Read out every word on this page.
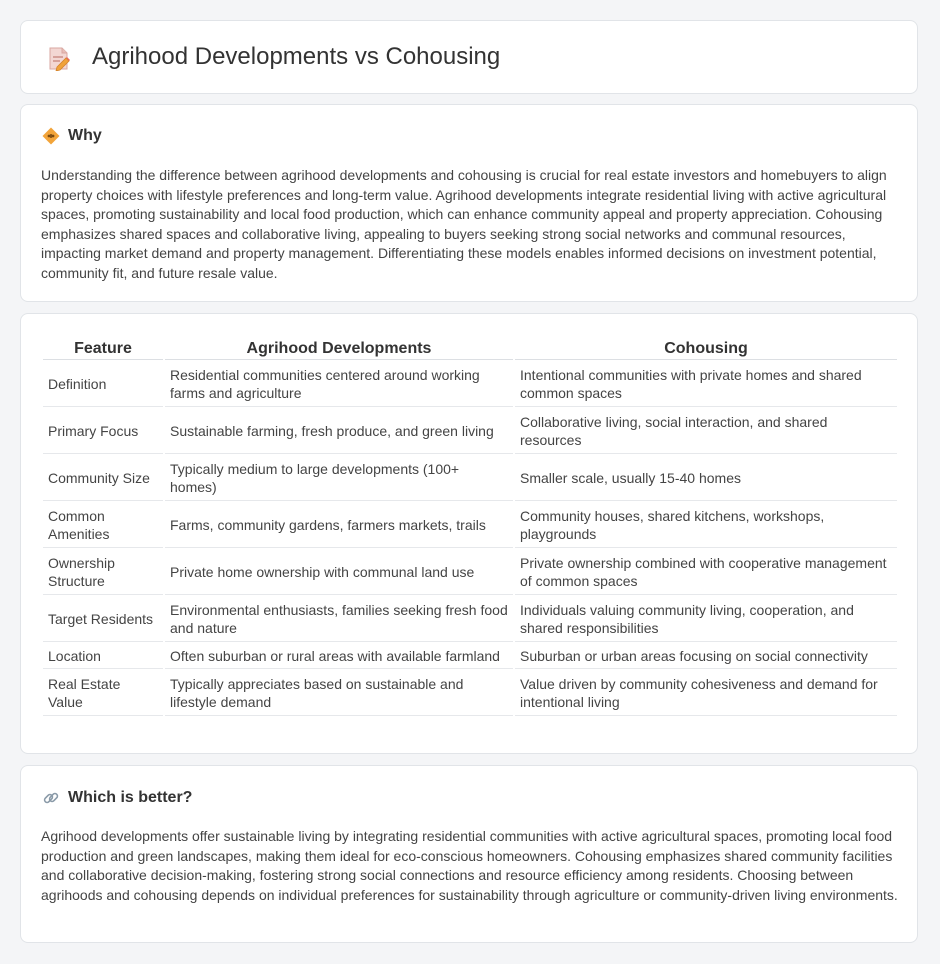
Agrihood Developments vs Cohousing
Why

Understanding the difference between agrihood developments and cohousing is crucial for real estate investors and homebuyers to align property choices with lifestyle preferences and long-term value. Agrihood developments integrate residential living with active agricultural spaces, promoting sustainability and local food production, which can enhance community appeal and property appreciation. Cohousing emphasizes shared spaces and collaborative living, appealing to buyers seeking strong social networks and communal resources, impacting market demand and property management. Differentiating these models enables informed decisions on investment potential, community fit, and future resale value.

Feature	Agrihood Developments	Cohousing
Definition	Residential communities centered around working farms and agriculture	Intentional communities with private homes and shared common spaces
Primary Focus	Sustainable farming, fresh produce, and green living	Collaborative living, social interaction, and shared resources
Community Size	Typically medium to large developments (100+ homes)	Smaller scale, usually 15-40 homes
Common Amenities	Farms, community gardens, farmers markets, trails	Community houses, shared kitchens, workshops, playgrounds
Ownership Structure	Private home ownership with communal land use	Private ownership combined with cooperative management of common spaces
Target Residents	Environmental enthusiasts, families seeking fresh food and nature	Individuals valuing community living, cooperation, and shared responsibilities
Location	Often suburban or rural areas with available farmland	Suburban or urban areas focusing on social connectivity
Real Estate Value	Typically appreciates based on sustainable and lifestyle demand	Value driven by community cohesiveness and demand for intentional living
Which is better?

Agrihood developments offer sustainable living by integrating residential communities with active agricultural spaces, promoting local food production and green landscapes, making them ideal for eco-conscious homeowners. Cohousing emphasizes shared community facilities and collaborative decision-making, fostering strong social connections and resource efficiency among residents. Choosing between agrihoods and cohousing depends on individual preferences for sustainability through agriculture or community-driven living environments.
